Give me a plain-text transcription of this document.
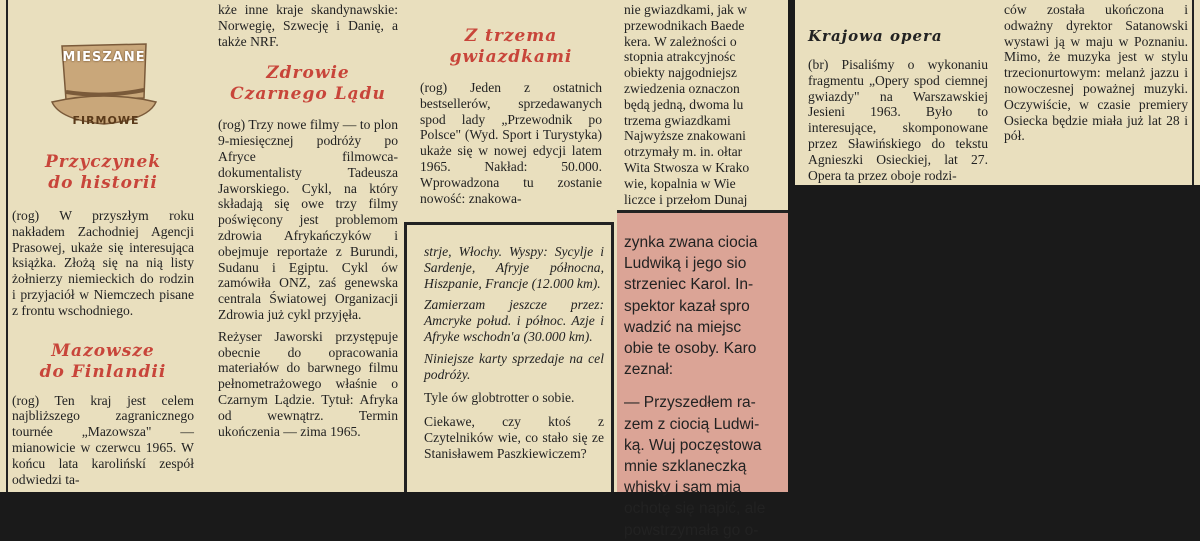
MIESZANE
FIRMOWE
Przyczynek
do historii

(rog) W przyszłym roku nakładem Zachodniej Agencji Prasowej, ukaże się interesująca książka. Złożą się na nią listy żołnierzy niemieckich do rodzin i przyjaciół w Niemczech pisane z frontu wschodniego.

Mazowsze
do Finlandii

(rog) Ten kraj jest celem najbliższego zagranicznego tournée „Mazowsza" — mianowicie w czerwcu 1965. W końcu lata karolińskí zespół odwiedzi ta-

kże inne kraje skandynawskie: Norwegię, Szwecję i Danię, a także NRF.

Zdrowie
Czarnego Lądu

(rog) Trzy nowe filmy — to plon 9-miesięcznej podróży po Afryce filmowca-dokumentalisty Tadeusza Jaworskiego. Cykl, na który składają się owe trzy filmy poświęcony jest problemom zdrowia Afrykańczyków i obejmuje reportaże z Burundi, Sudanu i Egiptu. Cykl ów zamówiła ONZ, zaś genewska centrala Światowej Organizacji Zdrowia już cykl przyjęła.

Reżyser Jaworski przystępuje obecnie do opracowania materiałów do barwnego filmu pełnometrażowego właśnie o Czarnym Lądzie. Tytuł: Afryka od wewnątrz. Termin ukończenia — zima 1965.

Z trzema
gwiazdkami

(rog) Jeden z ostatnich bestsellerów, sprzedawanych spod lady „Przewodnik po Polsce" (Wyd. Sport i Turystyka) ukaże się w nowej edycji latem 1965. Nakład: 50.000. Wprowadzona tu zostanie nowość: znakowa-

strje, Włochy. Wyspy: Sycylje i Sardenje, Afryje północna, Hiszpanie, Francje (12.000 km).

Zamierzam jeszcze przez: Amcryke połud. i północ. Azje i Afryke wschodn'a (30.000 km).

Niniejsze karty sprzedaje na cel podróży.

Tyle ów globtrotter o sobie.

Ciekawe, czy ktoś z Czytelników wie, co stało się ze Stanisławem Paszkiewiczem?

nie gwiazdkami, jak w
przewodnikach Baede
kera. W zależności o
stopnia atrakcyjnośc
obiekty najgodniejsz
zwiedzenia oznaczon
będą jedną, dwoma lu
trzema gwiazdkami
Najwyższe znakowani
otrzymały m. in. ołtar
Wita Stwosza w Krako
wie, kopalnia w Wie
liczce i przełom Dunaj
zynka zwana ciocia
Ludwiką i jego sio
strzeniec Karol. In-
spektor kazał spro
wadzić na miejsc
obie te osoby. Karo
zeznał:
— Przyszedłem ra-
zem z ciocią Ludwi-
ką. Wuj poczęstowa
mnie szklaneczką
whisky i sam mia
ochotę się napić, ale
powstrzymała go o-
Krajowa opera

(br) Pisaliśmy o wykonaniu fragmentu „Opery spod ciemnej gwiazdy" na Warszawskiej Jesieni 1963. Było to interesujące, skomponowane przez Sławińskiego do tekstu Agnieszki Osieckiej, lat 27. Opera ta przez oboje rodzi-

ców została ukończona i odważny dyrektor Satanowski wystawi ją w maju w Poznaniu. Mimo, że muzyka jest w stylu trzecionurtowym: melanż jazzu i nowoczesnej poważnej muzyki. Oczywiście, w czasie premiery Osiecka będzie miała już lat 28 i pół.
